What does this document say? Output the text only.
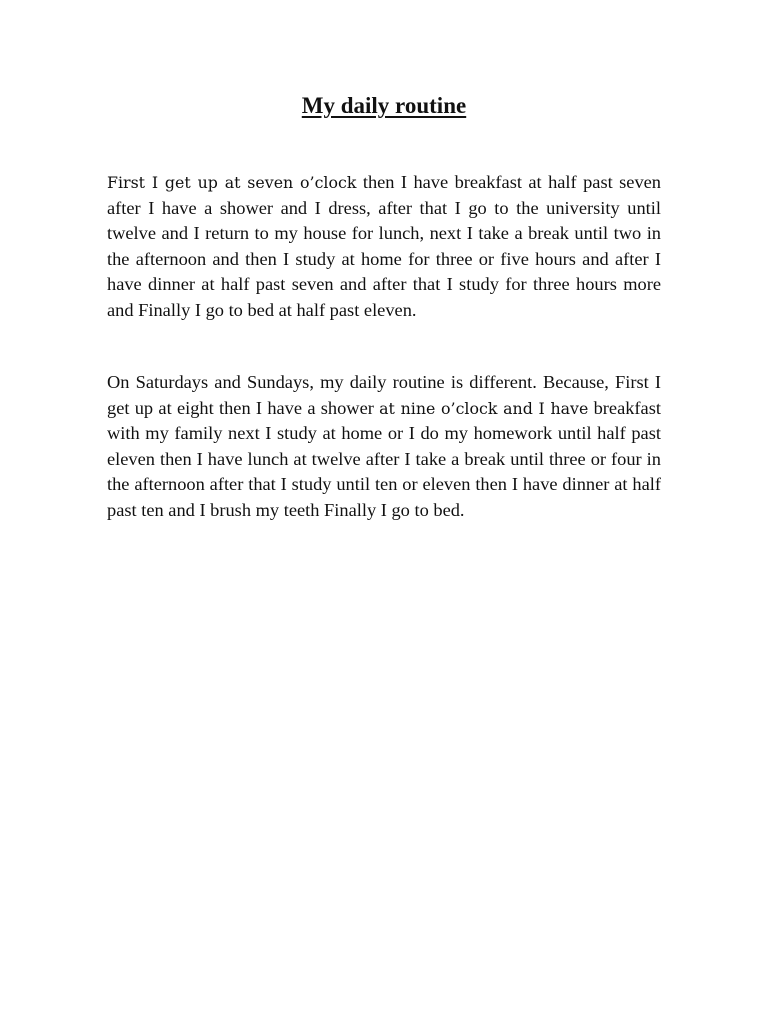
My daily routine

First I get up at seven o’clock then I have breakfast at half past seven after I have a shower and I dress, after that I go to the university until twelve and I return to my house for lunch, next I take a break until two in the afternoon and then I study at home for three or five hours and after I have dinner at half past seven and after that I study for three hours more and Finally I go to bed at half past eleven.

On Saturdays and Sundays, my daily routine is different. Because, First I get up at eight then I have a shower at nine o’clock and I have breakfast with my family next I study at home or I do my homework until half past eleven then I have lunch at twelve after I take a break until three or four in the afternoon after that I study until ten or eleven then I have dinner at half past ten and I brush my teeth Finally I go to bed.
